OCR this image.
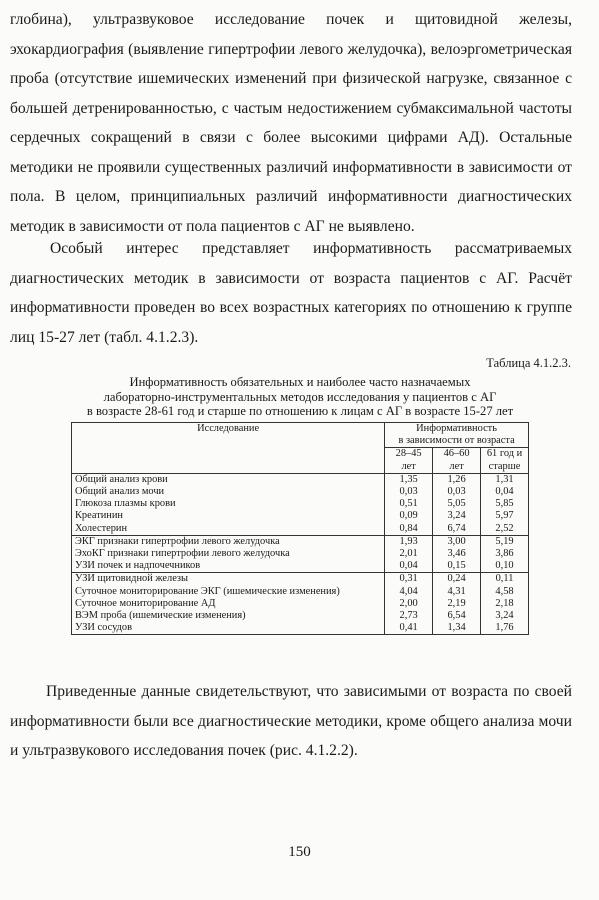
глобина), ультразвуковое исследование почек и щитовидной железы, эхокардиография (выявление гипертрофии левого желудочка), велоэргометрическая проба (отсутствие ишемических изменений при физической нагрузке, связанное с большей детренированностью, с частым недостижением субмаксимальной частоты сердечных сокращений в связи с более высокими цифрами АД). Остальные методики не проявили существенных различий информативности в зависимости от пола. В целом, принципиальных различий информативности диагностических методик в зависимости от пола пациентов с АГ не выявлено.

Особый интерес представляет информативность рассматриваемых диагностических методик в зависимости от возраста пациентов с АГ. Расчёт информативности проведен во всех возрастных категориях по отношению к группе лиц 15-27 лет (табл. 4.1.2.3).

Таблица 4.1.2.3.

Информативность обязательных и наиболее часто назначаемых
лабораторно-инструментальных методов исследования у пациентов с АГ
в возрасте 28-61 год и старше по отношению к лицам с АГ в возрасте 15-27 лет

Исследование	Информативность
в зависимости от возраста		
	28–45 лет	46–60 лет	61 год и старше
Общий анализ крови	1,35	1,26	1,31
Общий анализ мочи	0,03	0,03	0,04
Глюкоза плазмы крови	0,51	5,05	5,85
Креатинин	0,09	3,24	5,97
Холестерин	0,84	6,74	2,52
ЭКГ признаки гипертрофии левого желудочка	1,93	3,00	5,19
ЭхоКГ признаки гипертрофии левого желудочка	2,01	3,46	3,86
УЗИ почек и надпочечников	0,04	0,15	0,10
УЗИ щитовидной железы	0,31	0,24	0,11
Суточное мониторирование ЭКГ (ишемические изменения)	4,04	4,31	4,58
Суточное мониторирование АД	2,00	2,19	2,18
ВЭМ проба (ишемические изменения)	2,73	6,54	3,24
УЗИ сосудов	0,41	1,34	1,76

Приведенные данные свидетельствуют, что зависимыми от возраста по своей информативности были все диагностические методики, кроме общего анализа мочи и ультразвукового исследования почек (рис. 4.1.2.2).

150
